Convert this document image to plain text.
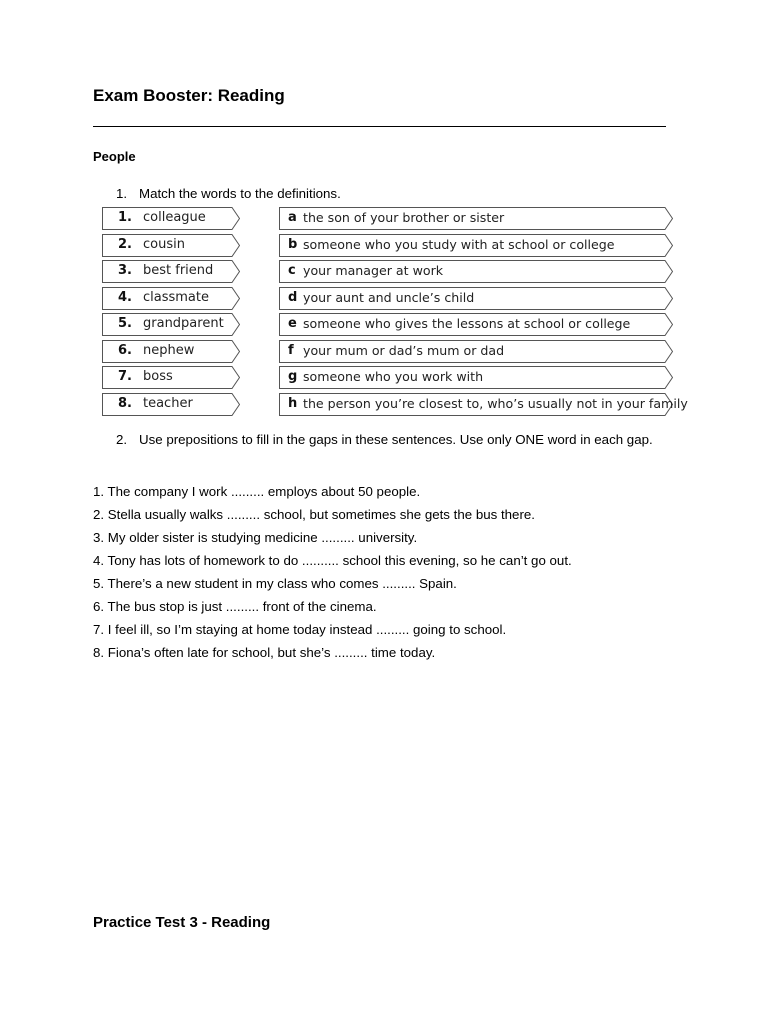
Exam Booster: Reading
People
1. Match the words to the definitions.
1. colleague
2. cousin
3. best friend
4. classmate
5. grandparent
6. nephew
7. boss
8. teacher
a the son of your brother or sister
b someone who you study with at school or college
c your manager at work
d your aunt and uncle’s child
e someone who gives the lessons at school or college
f your mum or dad’s mum or dad
g someone who you work with
h the person you’re closest to, who’s usually not in your family
2. Use prepositions to fill in the gaps in these sentences. Use only ONE word in each gap.
1. The company I work ......... employs about 50 people.
2. Stella usually walks ......... school, but sometimes she gets the bus there.
3. My older sister is studying medicine ......... university.
4. Tony has lots of homework to do .......... school this evening, so he can’t go out.
5. There’s a new student in my class who comes ......... Spain.
6. The bus stop is just ......... front of the cinema.
7. I feel ill, so I’m staying at home today instead ......... going to school.
8. Fiona’s often late for school, but she’s ......... time today.
Practice Test 3 - Reading
